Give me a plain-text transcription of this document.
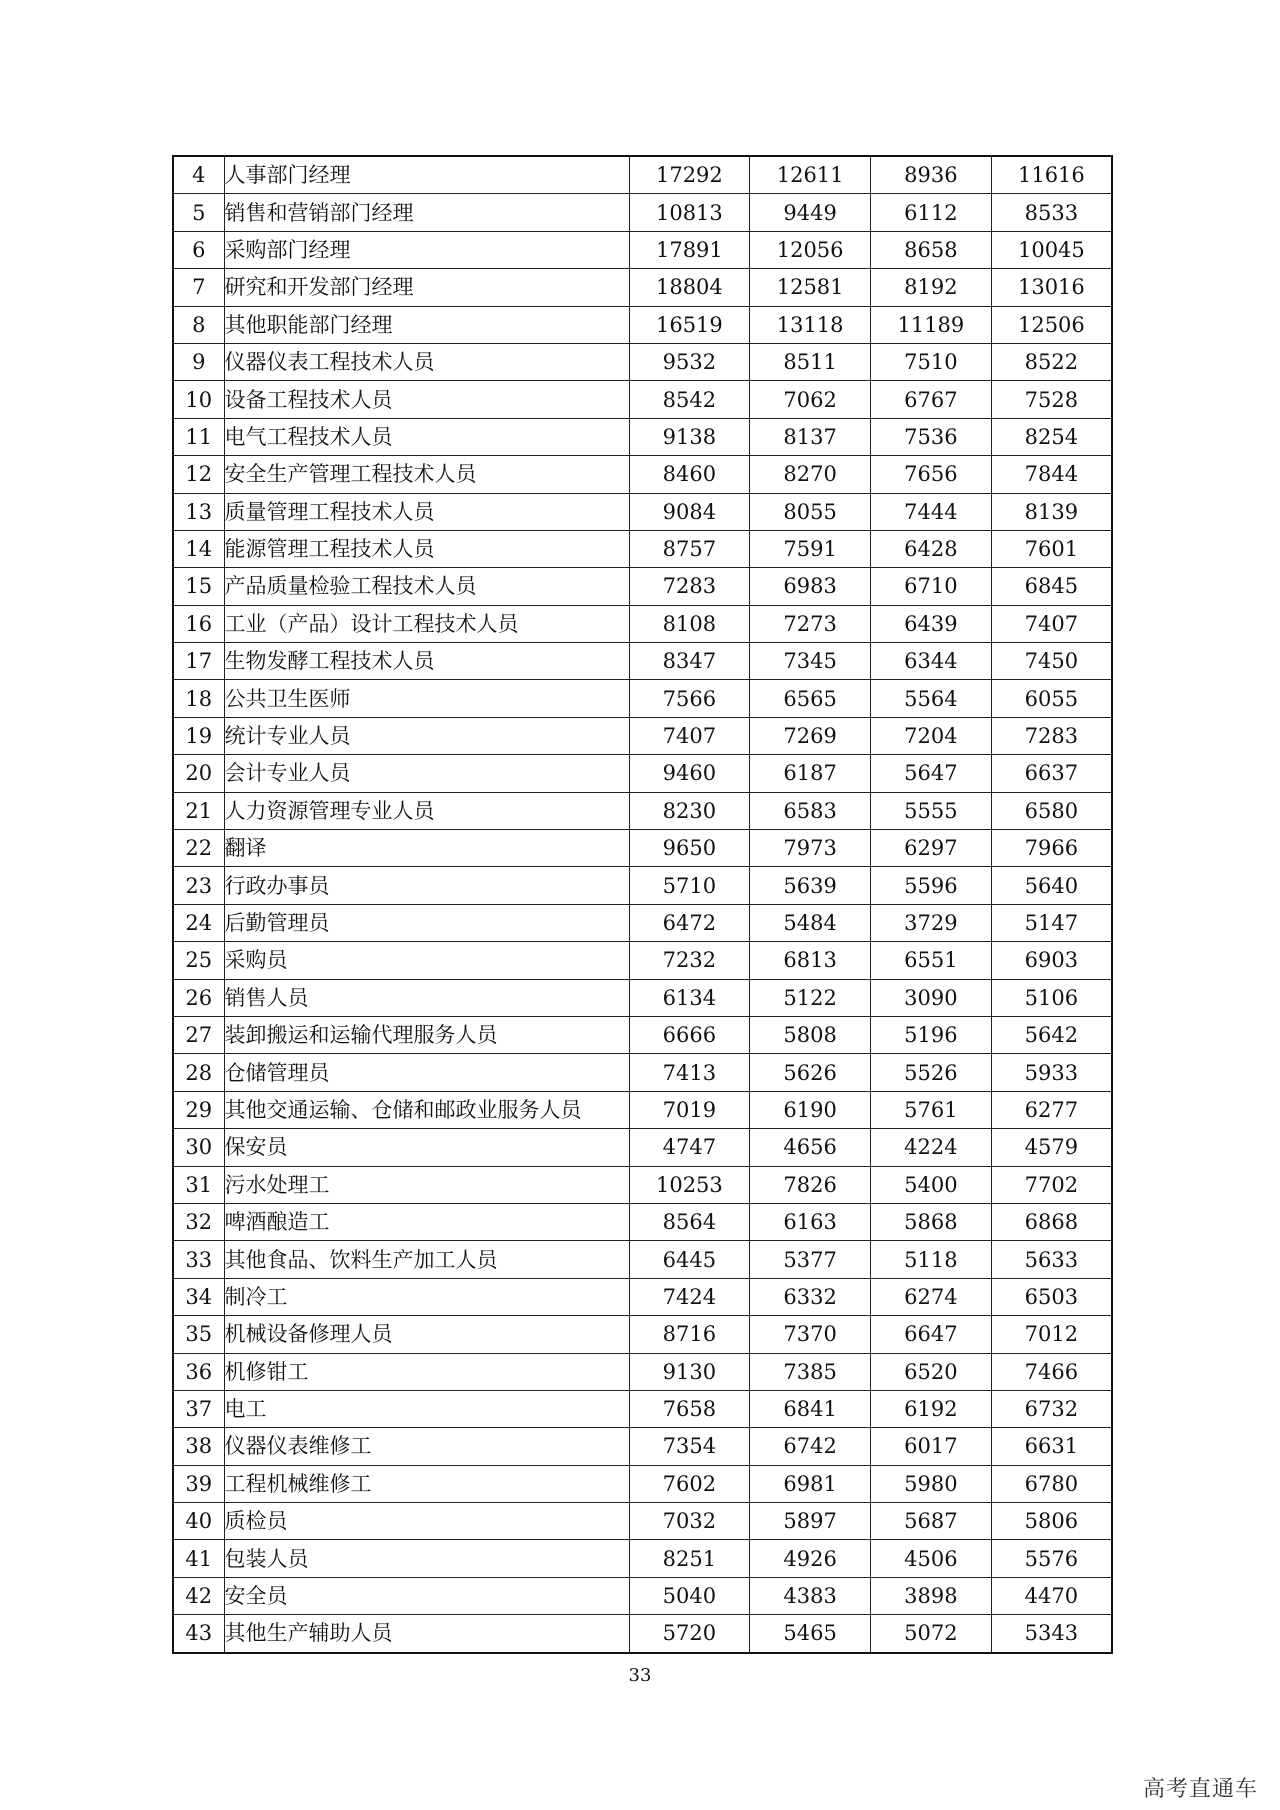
4	人事部门经理	17292	12611	8936	11616
5	销售和营销部门经理	10813	9449	6112	8533
6	采购部门经理	17891	12056	8658	10045
7	研究和开发部门经理	18804	12581	8192	13016
8	其他职能部门经理	16519	13118	11189	12506
9	仪器仪表工程技术人员	9532	8511	7510	8522
10	设备工程技术人员	8542	7062	6767	7528
11	电气工程技术人员	9138	8137	7536	8254
12	安全生产管理工程技术人员	8460	8270	7656	7844
13	质量管理工程技术人员	9084	8055	7444	8139
14	能源管理工程技术人员	8757	7591	6428	7601
15	产品质量检验工程技术人员	7283	6983	6710	6845
16	工业（产品）设计工程技术人员	8108	7273	6439	7407
17	生物发酵工程技术人员	8347	7345	6344	7450
18	公共卫生医师	7566	6565	5564	6055
19	统计专业人员	7407	7269	7204	7283
20	会计专业人员	9460	6187	5647	6637
21	人力资源管理专业人员	8230	6583	5555	6580
22	翻译	9650	7973	6297	7966
23	行政办事员	5710	5639	5596	5640
24	后勤管理员	6472	5484	3729	5147
25	采购员	7232	6813	6551	6903
26	销售人员	6134	5122	3090	5106
27	装卸搬运和运输代理服务人员	6666	5808	5196	5642
28	仓储管理员	7413	5626	5526	5933
29	其他交通运输、仓储和邮政业服务人员	7019	6190	5761	6277
30	保安员	4747	4656	4224	4579
31	污水处理工	10253	7826	5400	7702
32	啤酒酿造工	8564	6163	5868	6868
33	其他食品、饮料生产加工人员	6445	5377	5118	5633
34	制冷工	7424	6332	6274	6503
35	机械设备修理人员	8716	7370	6647	7012
36	机修钳工	9130	7385	6520	7466
37	电工	7658	6841	6192	6732
38	仪器仪表维修工	7354	6742	6017	6631
39	工程机械维修工	7602	6981	5980	6780
40	质检员	7032	5897	5687	5806
41	包装人员	8251	4926	4506	5576
42	安全员	5040	4383	3898	4470
43	其他生产辅助人员	5720	5465	5072	5343
33
高考直通车
